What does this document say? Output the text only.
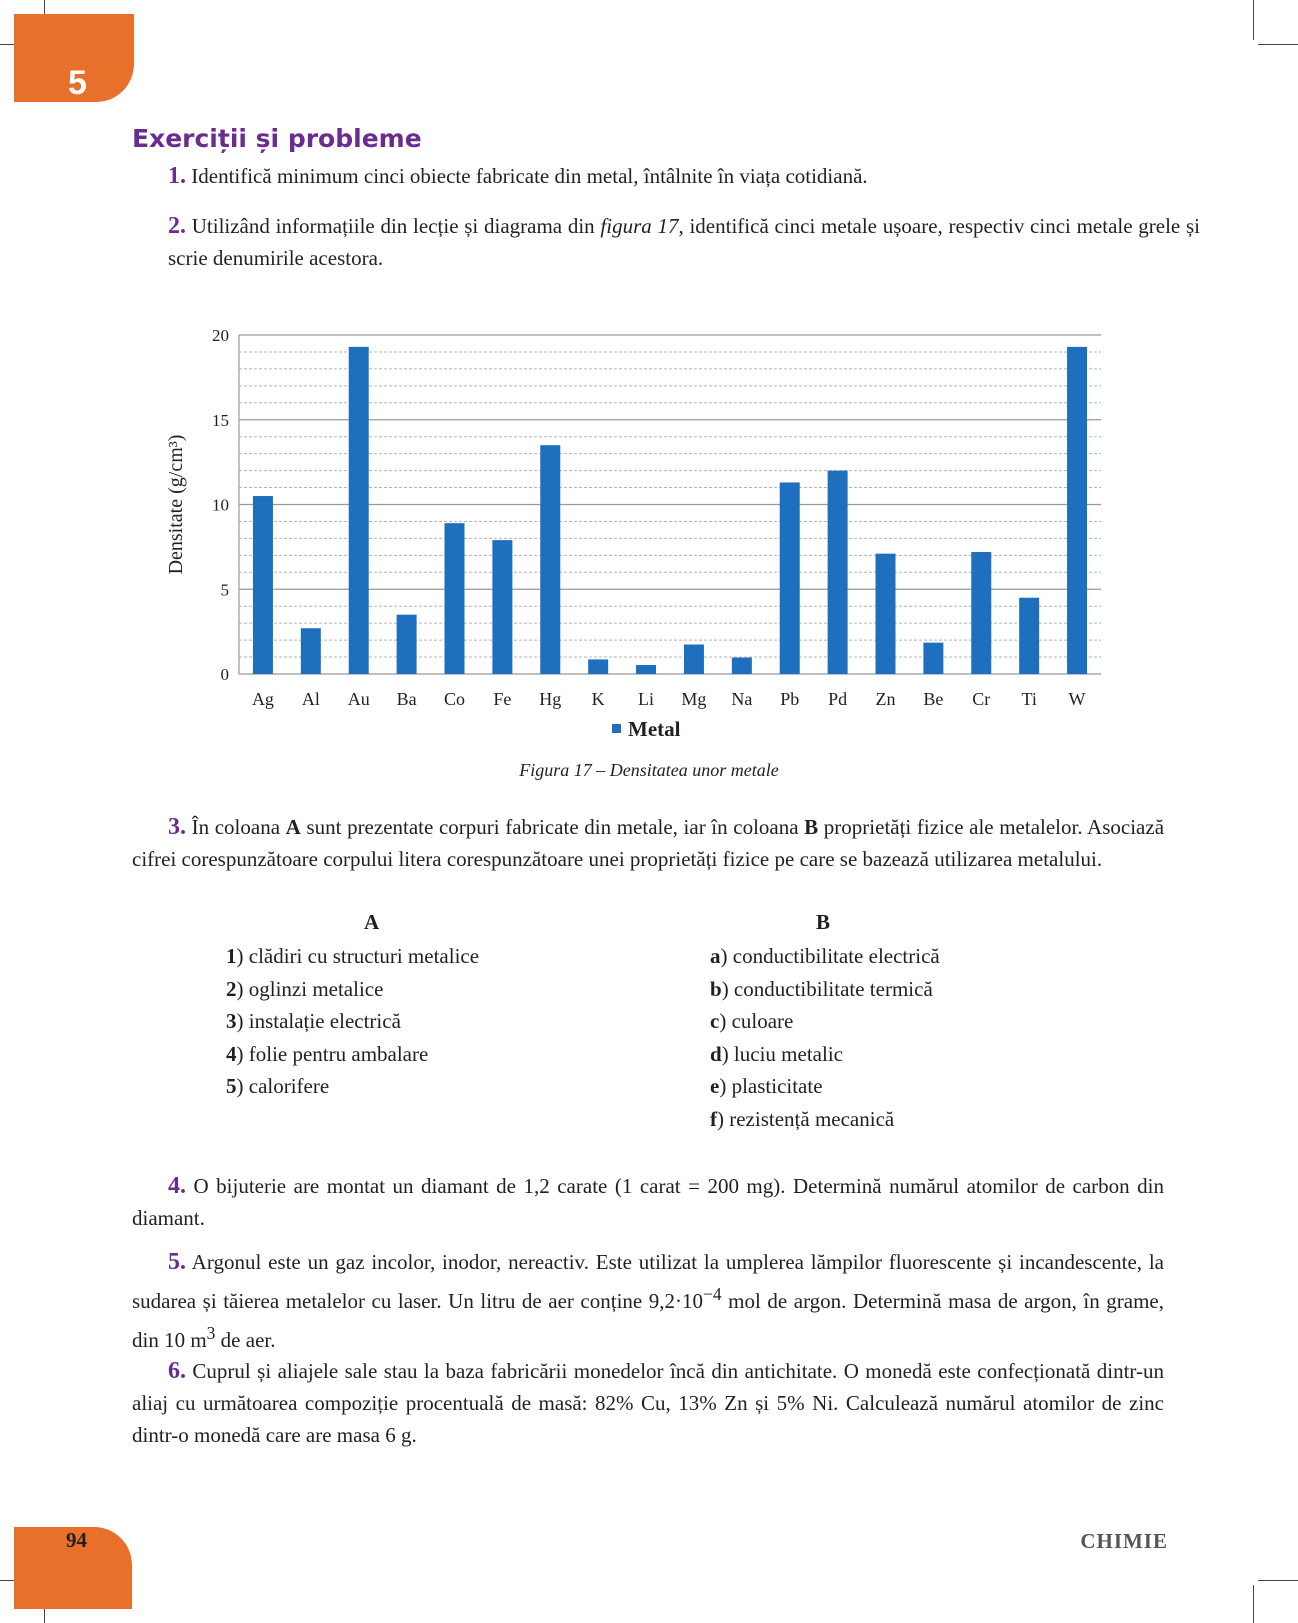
5
Exerciții și probleme

1. Identifică minimum cinci obiecte fabricate din metal, întâlnite în viața cotidiană.

2. Utilizând informațiile din lecție și diagrama din figura 17, identifică cinci metale ușoare, respectiv cinci metale grele și scrie denumirile acestora.

0
5
10
15
20
Densitate (g/cm³)
Ag Al Au Ba Co Fe Hg K Li Mg Na Pb Pd Zn Be Cr Ti W
Metal
Figura 17 – Densitatea unor metale

3. În coloana A sunt prezentate corpuri fabricate din metale, iar în coloana B proprietăți fizice ale metalelor. Asociază cifrei corespunzătoare corpului litera corespunzătoare unei proprietăți fizice pe care se bazează utilizarea metalului.

A	B
1) clădiri cu structuri metalice
2) oglinzi metalice
3) instalație electrică
4) folie pentru ambalare
5) calorifere
a) conductibilitate electrică
b) conductibilitate termică
c) culoare
d) luciu metalic
e) plasticitate
f) rezistență mecanică

4. O bijuterie are montat un diamant de 1,2 carate (1 carat = 200 mg). Determină numărul atomilor de carbon din diamant.

5. Argonul este un gaz incolor, inodor, nereactiv. Este utilizat la umplerea lămpilor fluorescente și incandescente, la sudarea și tăierea metalelor cu laser. Un litru de aer conține $9,2\cdot 10^{-4}$ mol de argon. Determină masa de argon, în grame, din 10 $m^3$ de aer.

6. Cuprul și aliajele sale stau la baza fabricării monedelor încă din antichitate. O monedă este confecționată dintr-un aliaj cu următoarea compoziție procentuală de masă: 82% Cu, 13% Zn și 5% Ni. Calculează numărul atomilor de zinc dintr-o monedă care are masa 6 g.

94	CHIMIE
